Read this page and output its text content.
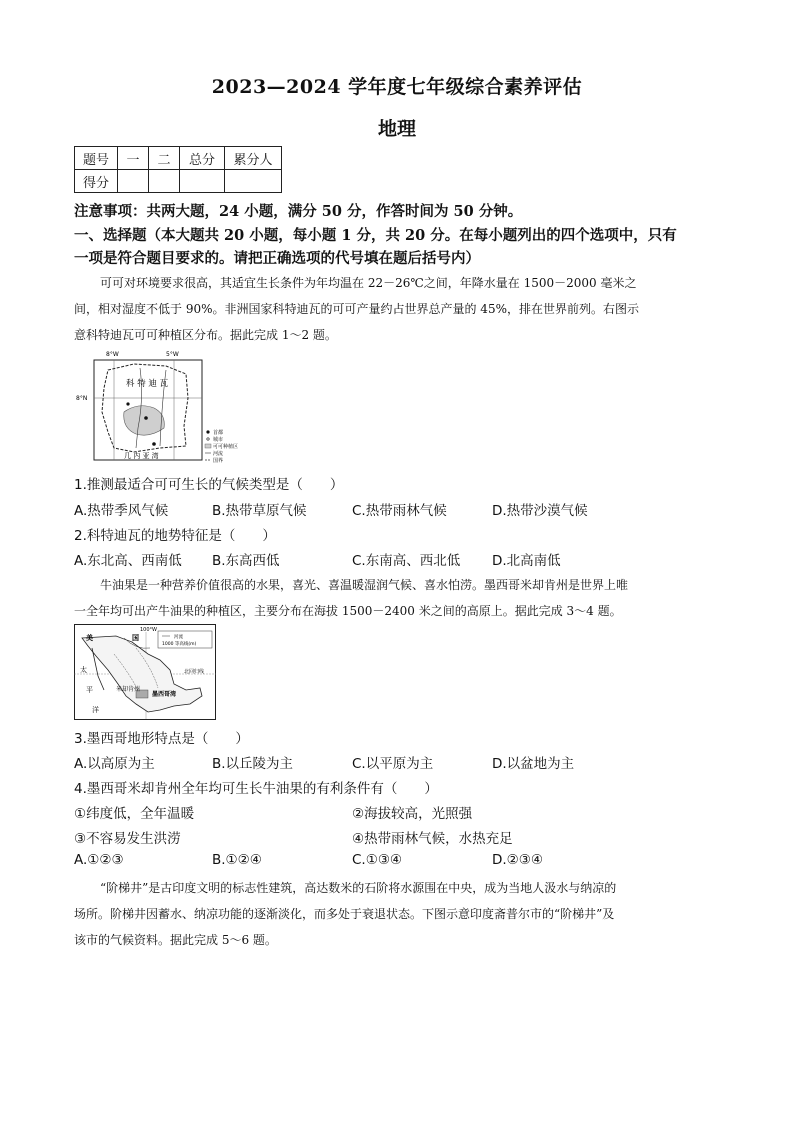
2023—2024 学年度七年级综合素养评估
地理
题号	一	二	总分	累分人
得分				
注意事项：共两大题，24 小题，满分 50 分，作答时间为 50 分钟。
一、选择题（本大题共 20 小题，每小题 1 分，共 20 分。在每小题列出的四个选项中，只有
一项是符合题目要求的。请把正确选项的代号填在题后括号内）
可可对环境要求很高，其适宜生长条件为年均温在 22－26℃之间，年降水量在 1500－2000 毫米之
间，相对湿度不低于 90%。非洲国家科特迪瓦的可可产量约占世界总产量的 45%，排在世界前列。右图示
意科特迪瓦可可种植区分布。据此完成 1～2 题。
8°W	5°W
8°N
科 特 迪 瓦
几 内 亚 湾
首都
城市
可可种植区
河流
国界
1.推测最适合可可生长的气候类型是（　　）
A.热带季风气候	B.热带草原气候	C.热带雨林气候	D.热带沙漠气候
2.科特迪瓦的地势特征是（　　）
A.东北高、西南低 B.东高西低	C.东南高、西北低 D.北高南低
牛油果是一种营养价值很高的水果，喜光、喜温暖湿润气候、喜水怕涝。墨西哥米却肯州是世界上唯
一全年均可出产牛油果的种植区，主要分布在海拔 1500－2400 米之间的高原上。据此完成 3～4 题。
100°W
美	国	河流
1000 等高线(m)
北回归线
太
平
洋
米却肯州
墨西哥湾
3.墨西哥地形特点是（　　）
A.以高原为主	B.以丘陵为主	C.以平原为主	D.以盆地为主
4.墨西哥米却肯州全年均可生长牛油果的有利条件有（　　）
①纬度低，全年温暖	②海拔较高，光照强
③不容易发生洪涝	④热带雨林气候，水热充足
A.①②③	B.①②④	C.①③④	D.②③④
“阶梯井”是古印度文明的标志性建筑，高达数米的石阶将水源围在中央，成为当地人汲水与纳凉的
场所。阶梯井因蓄水、纳凉功能的逐渐淡化，而多处于衰退状态。下图示意印度斋普尔市的“阶梯井”及
该市的气候资料。据此完成 5～6 题。
